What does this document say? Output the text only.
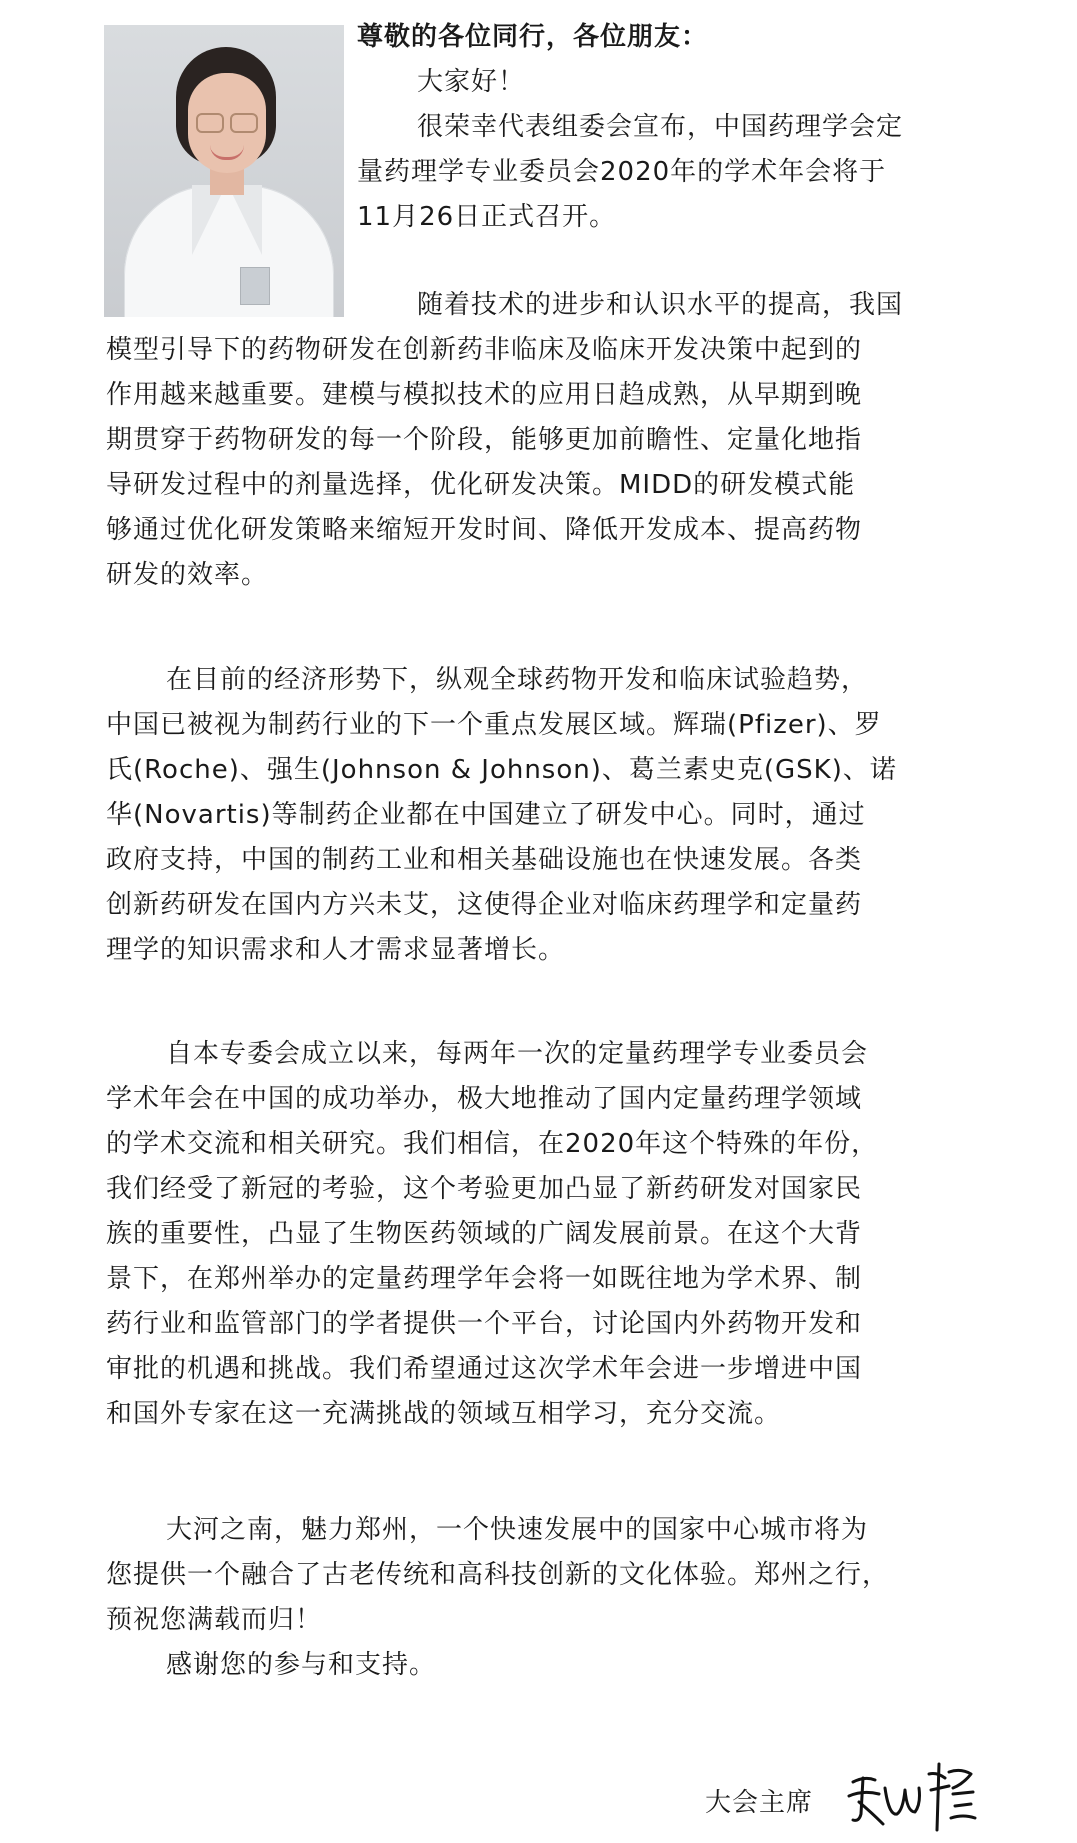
尊敬的各位同行，各位朋友：

大家好！

很荣幸代表组委会宣布，中国药理学会定

量药理学专业委员会2020年的学术年会将于

11月26日正式召开。

随着技术的进步和认识水平的提高，我国

模型引导下的药物研发在创新药非临床及临床开发决策中起到的

作用越来越重要。建模与模拟技术的应用日趋成熟，从早期到晚

期贯穿于药物研发的每一个阶段，能够更加前瞻性、定量化地指

导研发过程中的剂量选择，优化研发决策。MIDD的研发模式能

够通过优化研发策略来缩短开发时间、降低开发成本、提高药物

研发的效率。

在目前的经济形势下，纵观全球药物开发和临床试验趋势，

中国已被视为制药行业的下一个重点发展区域。辉瑞(Pfizer)、罗

氏(Roche)、强生(Johnson & Johnson)、葛兰素史克(GSK)、诺

华(Novartis)等制药企业都在中国建立了研发中心。同时，通过

政府支持，中国的制药工业和相关基础设施也在快速发展。各类

创新药研发在国内方兴未艾，这使得企业对临床药理学和定量药

理学的知识需求和人才需求显著增长。

自本专委会成立以来，每两年一次的定量药理学专业委员会

学术年会在中国的成功举办，极大地推动了国内定量药理学领域

的学术交流和相关研究。我们相信，在2020年这个特殊的年份，

我们经受了新冠的考验，这个考验更加凸显了新药研发对国家民

族的重要性，凸显了生物医药领域的广阔发展前景。在这个大背

景下，在郑州举办的定量药理学年会将一如既往地为学术界、制

药行业和监管部门的学者提供一个平台，讨论国内外药物开发和

审批的机遇和挑战。我们希望通过这次学术年会进一步增进中国

和国外专家在这一充满挑战的领域互相学习，充分交流。

大河之南，魅力郑州，一个快速发展中的国家中心城市将为

您提供一个融合了古老传统和高科技创新的文化体验。郑州之行，

预祝您满载而归！

感谢您的参与和支持。

大会主席
